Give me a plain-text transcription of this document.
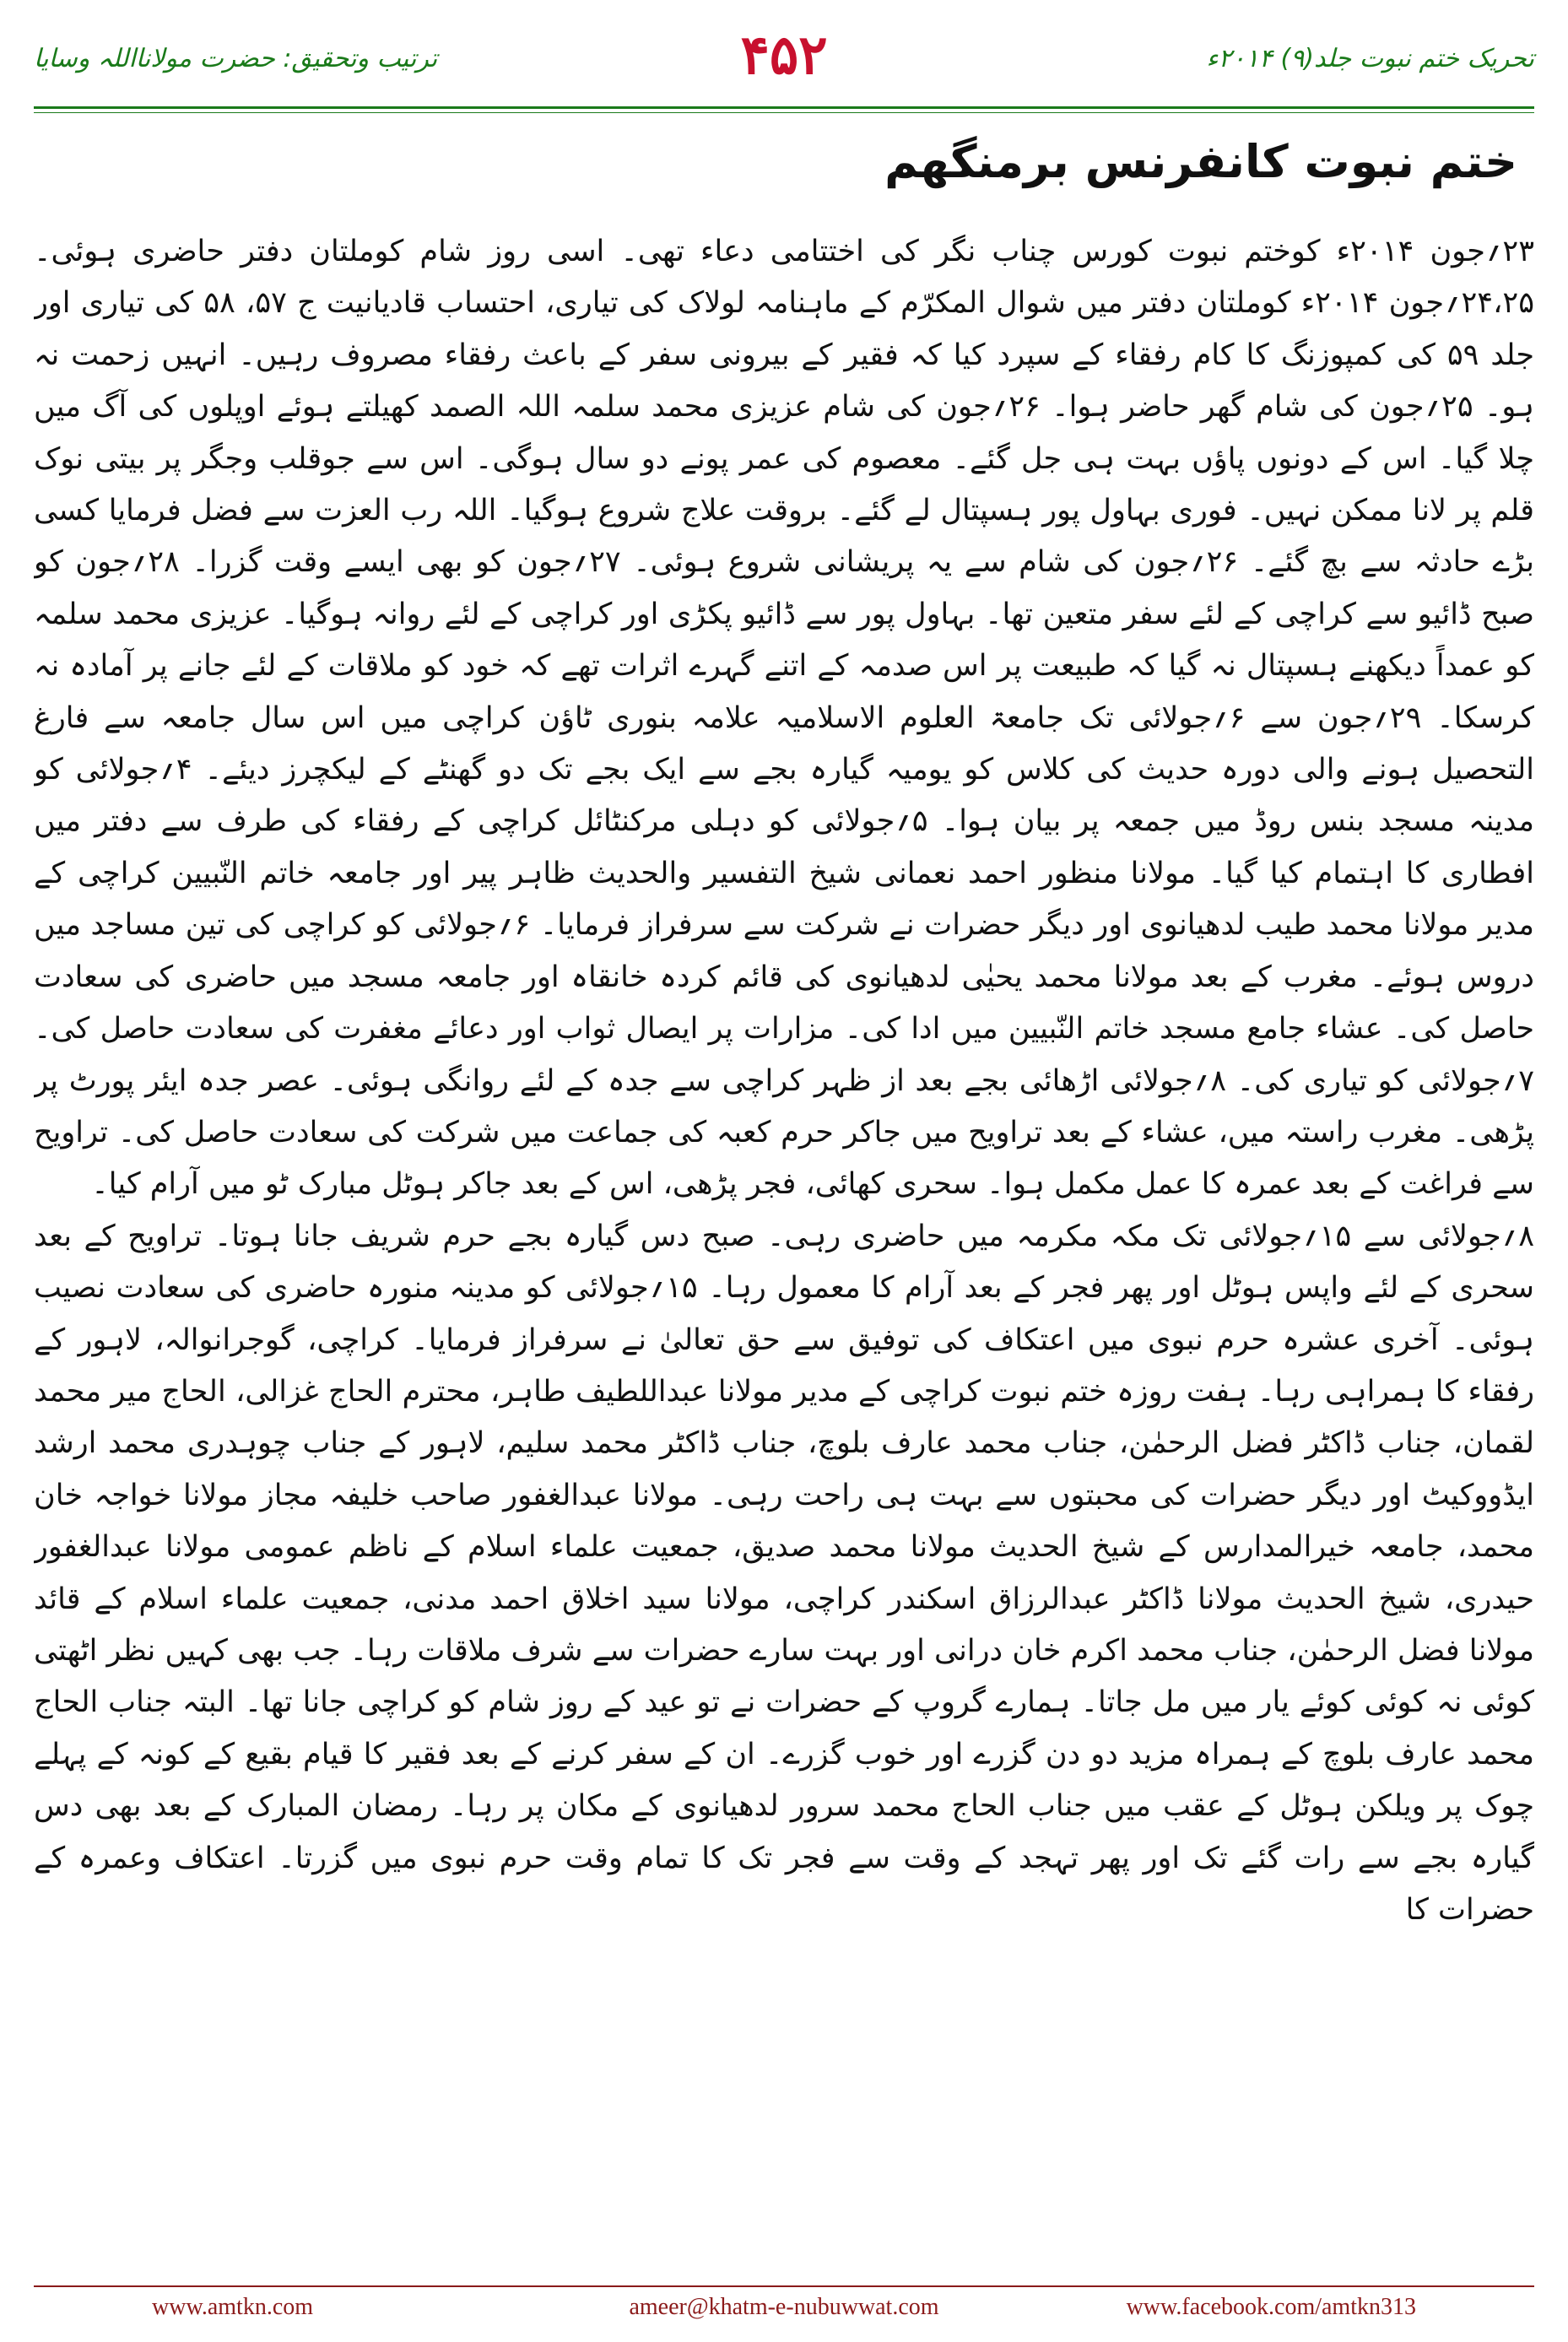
تحریک ختم نبوت جلد(۹) ۲۰۱۴ء
۴۵۲
ترتیب وتحقیق: حضرت مولانااللہ وسایا
ختم نبوت کانفرنس برمنگھم

۲۳؍جون ۲۰۱۴ء کوختم نبوت کورس چناب نگر کی اختتامی دعاء تھی۔ اسی روز شام کوملتان دفتر حاضری ہوئی۔ ۲۴،۲۵؍جون ۲۰۱۴ء کوملتان دفتر میں شوال المکرّم کے ماہنامہ لولاک کی تیاری، احتساب قادیانیت ج ۵۷، ۵۸ کی تیاری اور جلد ۵۹ کی کمپوزنگ کا کام رفقاء کے سپرد کیا کہ فقیر کے بیرونی سفر کے باعث رفقاء مصروف رہیں۔ انہیں زحمت نہ ہو۔ ۲۵؍جون کی شام گھر حاضر ہوا۔ ۲۶؍جون کی شام عزیزی محمد سلمہ اللہ الصمد کھیلتے ہوئے اوپلوں کی آگ میں چلا گیا۔ اس کے دونوں پاؤں بہت ہی جل گئے۔ معصوم کی عمر پونے دو سال ہوگی۔ اس سے جوقلب وجگر پر بیتی نوک قلم پر لانا ممکن نہیں۔ فوری بہاول پور ہسپتال لے گئے۔ بروقت علاج شروع ہوگیا۔ اللہ رب العزت سے فضل فرمایا کسی بڑے حادثہ سے بچ گئے۔ ۲۶؍جون کی شام سے یہ پریشانی شروع ہوئی۔ ۲۷؍جون کو بھی ایسے وقت گزرا۔ ۲۸؍جون کو صبح ڈائیو سے کراچی کے لئے سفر متعین تھا۔ بہاول پور سے ڈائیو پکڑی اور کراچی کے لئے روانہ ہوگیا۔ عزیزی محمد سلمہ کو عمداً دیکھنے ہسپتال نہ گیا کہ طبیعت پر اس صدمہ کے اتنے گہرے اثرات تھے کہ خود کو ملاقات کے لئے جانے پر آمادہ نہ کرسکا۔ ۲۹؍جون سے ۶؍جولائی تک جامعۃ العلوم الاسلامیہ علامہ بنوری ٹاؤن کراچی میں اس سال جامعہ سے فارغ التحصیل ہونے والی دورہ حدیث کی کلاس کو یومیہ گیارہ بجے سے ایک بجے تک دو گھنٹے کے لیکچرز دیئے۔ ۴؍جولائی کو مدینہ مسجد بنس روڈ میں جمعہ پر بیان ہوا۔ ۵؍جولائی کو دہلی مرکنٹائل کراچی کے رفقاء کی طرف سے دفتر میں افطاری کا اہتمام کیا گیا۔ مولانا منظور احمد نعمانی شیخ التفسیر والحدیث ظاہر پیر اور جامعہ خاتم النّبیین کراچی کے مدیر مولانا محمد طیب لدھیانوی اور دیگر حضرات نے شرکت سے سرفراز فرمایا۔ ۶؍جولائی کو کراچی کی تین مساجد میں دروس ہوئے۔ مغرب کے بعد مولانا محمد یحیٰی لدھیانوی کی قائم کردہ خانقاہ اور جامعہ مسجد میں حاضری کی سعادت حاصل کی۔ عشاء جامع مسجد خاتم النّبیین میں ادا کی۔ مزارات پر ایصال ثواب اور دعائے مغفرت کی سعادت حاصل کی۔ ۷؍جولائی کو تیاری کی۔ ۸؍جولائی اڑھائی بجے بعد از ظہر کراچی سے جدہ کے لئے روانگی ہوئی۔ عصر جدہ ایئر پورٹ پر پڑھی۔ مغرب راستہ میں، عشاء کے بعد تراویح میں جاکر حرم کعبہ کی جماعت میں شرکت کی سعادت حاصل کی۔ تراویح سے فراغت کے بعد عمرہ کا عمل مکمل ہوا۔ سحری کھائی، فجر پڑھی، اس کے بعد جاکر ہوٹل مبارک ٹو میں آرام کیا۔

۸؍جولائی سے ۱۵؍جولائی تک مکہ مکرمہ میں حاضری رہی۔ صبح دس گیارہ بجے حرم شریف جانا ہوتا۔ تراویح کے بعد سحری کے لئے واپس ہوٹل اور پھر فجر کے بعد آرام کا معمول رہا۔ ۱۵؍جولائی کو مدینہ منورہ حاضری کی سعادت نصیب ہوئی۔ آخری عشرہ حرم نبوی میں اعتکاف کی توفیق سے حق تعالیٰ نے سرفراز فرمایا۔ کراچی، گوجرانوالہ، لاہور کے رفقاء کا ہمراہی رہا۔ ہفت روزہ ختم نبوت کراچی کے مدیر مولانا عبداللطیف طاہر، محترم الحاج غزالی، الحاج میر محمد لقمان، جناب ڈاکٹر فضل الرحمٰن، جناب محمد عارف بلوچ، جناب ڈاکٹر محمد سلیم، لاہور کے جناب چوہدری محمد ارشد ایڈووکیٹ اور دیگر حضرات کی محبتوں سے بہت ہی راحت رہی۔ مولانا عبدالغفور صاحب خلیفہ مجاز مولانا خواجہ خان محمد، جامعہ خیرالمدارس کے شیخ الحدیث مولانا محمد صدیق، جمعیت علماء اسلام کے ناظم عمومی مولانا عبدالغفور حیدری، شیخ الحدیث مولانا ڈاکٹر عبدالرزاق اسکندر کراچی، مولانا سید اخلاق احمد مدنی، جمعیت علماء اسلام کے قائد مولانا فضل الرحمٰن، جناب محمد اکرم خان درانی اور بہت سارے حضرات سے شرف ملاقات رہا۔ جب بھی کہیں نظر اٹھتی کوئی نہ کوئی کوئے یار میں مل جاتا۔ ہمارے گروپ کے حضرات نے تو عید کے روز شام کو کراچی جانا تھا۔ البتہ جناب الحاج محمد عارف بلوچ کے ہمراہ مزید دو دن گزرے اور خوب گزرے۔ ان کے سفر کرنے کے بعد فقیر کا قیام بقیع کے کونہ کے پہلے چوک پر ویلکن ہوٹل کے عقب میں جناب الحاج محمد سرور لدھیانوی کے مکان پر رہا۔ رمضان المبارک کے بعد بھی دس گیارہ بجے سے رات گئے تک اور پھر تہجد کے وقت سے فجر تک کا تمام وقت حرم نبوی میں گزرتا۔ اعتکاف وعمرہ کے حضرات کا

www.amtkn.com	ameer@khatm-e-nubuwwat.com	www.facebook.com/amtkn313
